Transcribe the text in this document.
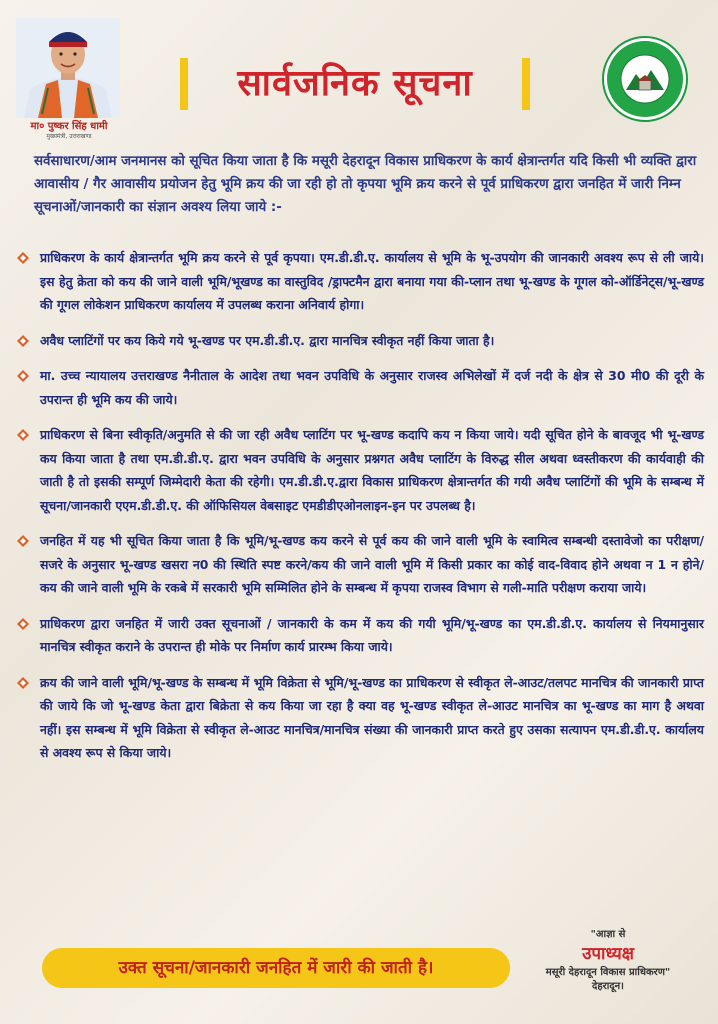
मा० पुष्कर सिंह धामी
मुख्यमंत्री, उत्तराखण्ड
सार्वजनिक सूचना
सर्वसाधारण/आम जनमानस को सूचित किया जाता है कि मसूरी देहरादून विकास प्राधिकरण के कार्य क्षेत्रान्तर्गत यदि किसी भी व्यक्ति द्वारा आवासीय / गैर आवासीय प्रयोजन हेतु भूमि क्रय की जा रही हो तो कृपया भूमि क्रय करने से पूर्व प्राधिकरण द्वारा जनहित में जारी निम्न सूचनाओं/जानकारी का संज्ञान अवश्य लिया जाये :-
प्राधिकरण के कार्य क्षेत्रान्तर्गत भूमि क्रय करने से पूर्व कृपया। एम.डी.डी.ए. कार्यालय से भूमि के भू-उपयोग की जानकारी अवश्य रूप से ली जाये। इस हेतु क्रेता को कय की जाने वाली भूमि/भूखण्ड का वास्तुविद /ड्राफ्टमैन द्वारा बनाया गया की-प्लान तथा भू-खण्ड के गूगल को-ऑर्डिनेट्स/भू-खण्ड की गूगल लोकेशन प्राधिकरण कार्यालय में उपलब्ध कराना अनिवार्य होगा।
अवैध प्लाटिंगों पर कय किये गये भू-खण्ड पर एम.डी.डी.ए. द्वारा मानचित्र स्वीकृत नहीं किया जाता है।
मा. उच्च न्यायालय उत्तराखण्ड नैनीताल के आदेश तथा भवन उपविधि के अनुसार राजस्व अभिलेखों में दर्ज नदी के क्षेत्र से 30 मी0 की दूरी के उपरान्त ही भूमि कय की जाये।
प्राधिकरण से बिना स्वीकृति/अनुमति से की जा रही अवैध प्लाटिंग पर भू-खण्ड कदापि कय न किया जाये। यदी सूचित होने के बावजूद भी भू-खण्ड कय किया जाता है तथा एम.डी.डी.ए. द्वारा भवन उपविधि के अनुसार प्रश्नगत अवैध प्लाटिंग के विरुद्ध सील अथवा ध्वस्तीकरण की कार्यवाही की जाती है तो इसकी सम्पूर्ण जिम्मेदारी केता की रहेगी। एम.डी.डी.ए.द्वारा विकास प्राधिकरण क्षेत्रान्तर्गत की गयी अवैध प्लाटिंगों की भूमि के सम्बन्ध में सूचना/जानकारी एएम.डी.डी.ए. की ऑफिसियल वेबसाइट एमडीडीएओनलाइन-इन पर उपलब्ध है।
जनहित में यह भी सूचित किया जाता है कि भूमि/भू-खण्ड कय करने से पूर्व कय की जाने वाली भूमि के स्वामित्व सम्बन्धी दस्तावेजो का परीक्षण/सजरे के अनुसार भू-खण्ड खसरा न0 की स्थिति स्पष्ट करने/कय की जाने वाली भूमि में किसी प्रकार का कोई वाद-विवाद होने अथवा न 1 न होने/कय की जाने वाली भूमि के रकबे में सरकारी भूमि सम्मिलित होने के सम्बन्ध में कृपया राजस्व विभाग से गली-माति परीक्षण कराया जाये।
प्राधिकरण द्वारा जनहित में जारी उक्त सूचनाओं / जानकारी के कम में कय की गयी भूमि/भू-खण्ड का एम.डी.डी.ए. कार्यालय से नियमानुसार मानचित्र स्वीकृत कराने के उपरान्त ही मोके पर निर्माण कार्य प्रारम्भ किया जाये।
क्रय की जाने वाली भूमि/भू-खण्ड के सम्बन्ध में भूमि विक्रेता से भूमि/भू-खण्ड का प्राधिकरण से स्वीकृत ले-आउट/तलपट मानचित्र की जानकारी प्राप्त की जाये कि जो भू-खण्ड केता द्वारा बिक्रेता से कय किया जा रहा है क्या वह भू-खण्ड स्वीकृत ले-आउट मानचित्र का भू-खण्ड का माग है अथवा नहीं। इस सम्बन्ध में भूमि विक्रेता से स्वीकृत ले-आउट मानचित्र/मानचित्र संख्या की जानकारी प्राप्त करते हुए उसका सत्यापन एम.डी.डी.ए. कार्यालय से अवश्य रूप से किया जाये।
उक्त सूचना/जानकारी जनहित में जारी की जाती है।
"आज्ञा से
उपाध्यक्ष
मसूरी देहरादून विकास प्राधिकरण"
देहरादून।
